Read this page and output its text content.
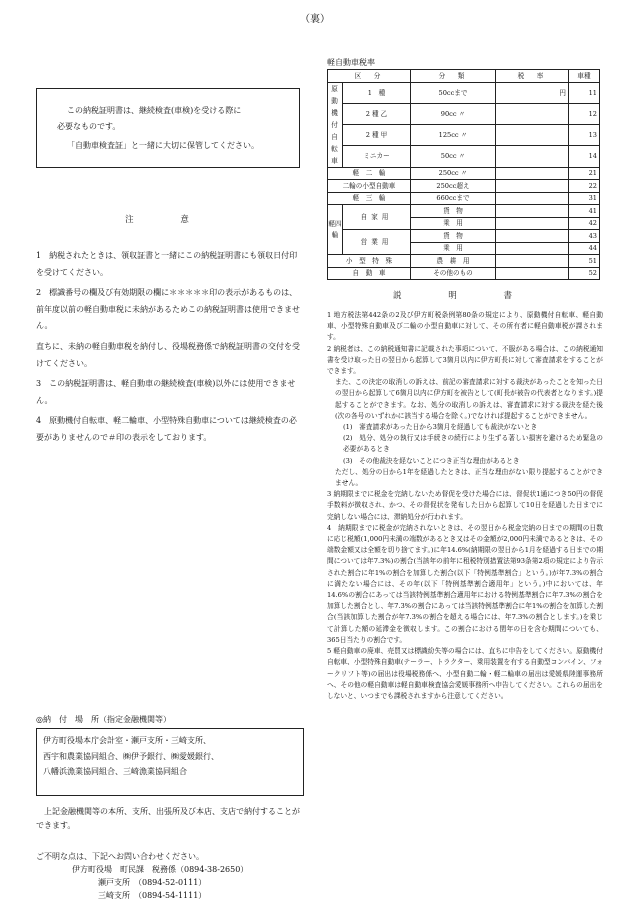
（裏）

この納税証明書は、継続検査(車検)を受ける際に

必要なものです。

「自動車検査証」と一緒に大切に保管してください。

注 意

1　納税されたときは、領収証書と一緒にこの納税証明書にも領収日付印を受けてください。

2　標識番号の欄及び有効期限の欄に＊＊＊＊＊印の表示があるものは、前年度以前の軽自動車税に未納があるためこの納税証明書は使用できません。

直ちに、未納の軽自動車税を納付し、役場税務係で納税証明書の交付を受けてください。

3　この納税証明書は、軽自動車の継続検査(車検)以外には使用できません。

4　原動機付自転車、軽二輪車、小型特殊自動車については継続検査の必要がありませんので＃印の表示をしております。

◎納　付　場　所（指定金融機関等）
伊方町役場本庁会計室・瀬戸支所・三崎支所、
西宇和農業協同組合、㈱伊予銀行、㈱愛媛銀行、
八幡浜漁業協同組合、三崎漁業協同組合
上記金融機関等の本所、支所、出張所及び本店、支店で納付することができます。
ご不明な点は、下記へお問い合わせください。
伊方町役場　町民課　税務係（0894-38-2650）
瀬戸支所　（0894-52-0111）
三崎支所　（0894-54-1111）
軽自動車税率
区　分		分　類	税　率	車種
原動機付自転車	1　種	50ccまで	円	11
	2 種 乙	90cc 〃		12
	2 種 甲	125cc 〃		13
	ミニカー	50cc 〃		14
軽　二　輪		250cc 〃		21
二輪の小型自動車		250cc超え		22
軽　三　輪		660ccまで		31
軽四輪	自家用	貨　物		41
		乗　用		42
	営業用	貨　物		43
		乗　用		44
小　型　特　殊		農　耕　用		51
自　動　車		その他のもの		52
説 明 書

1 地方税法第442条の2及び伊方町税条例第80条の規定により、原動機付自転車、軽自動車、小型特殊自動車及び二輪の小型自動車に対して、その所有者に軽自動車税が課されます。

2 納税者は、この納税通知書に記載された事項について、不服がある場合は、この納税通知書を受け取った日の翌日から起算して3箇月以内に伊方町長に対して審査請求をすることができます。

また、この決定の取消しの訴えは、前記の審査請求に対する裁決があったことを知った日の翌日から起算して6箇月以内に伊方町を被告として(町長が被告の代表者となります。)提起することができます。なお、処分の取消しの訴えは、審査請求に対する裁決を経た後(次の各号のいずれかに該当する場合を除く。)でなければ提起することができません。

(1)　審査請求があった日から3箇月を経過しても裁決がないとき

(2)　処分、処分の執行又は手続きの続行により生ずる著しい損害を避けるため緊急の必要があるとき

(3)　その他裁決を経ないことにつき正当な理由があるとき

ただし、処分の日から1年を経過したときは、正当な理由がない限り提起することができません。

3 納期限までに税金を完納しないため督促を受けた場合には、督促状1通につき50円の督促手数料が徴収され、かつ、その督促状を発布した日から起算して10日を経過した日までに完納しない場合には、滞納処分が行われます。

4　納期限までに税金が完納されないときは、その翌日から税金完納の日までの期間の日数に応じ税額(1,000円未満の端数があるとき又はその金額が2,000円未満であるときは、その端数金額又は全額を切り捨てます。)に年14.6%(納期限の翌日から1月を経過する日までの期間については年7.3%)の割合(当該年の前年に租税特別措置法第93条第2項の規定により告示された割合に年1%の割合を加算した割合(以下「特例基準割合」という。)が年7.3%の割合に満たない場合には、その年(以下「特例基準割合適用年」という。)中においては、年14.6%の割合にあっては当該特例基準割合適用年における特例基準割合に年7.3%の割合を加算した割合とし、年7.3%の割合にあっては当該特例基準割合に年1%の割合を加算した割合(当該加算した割合が年7.3%の割合を超える場合には、年7.3%の割合とします。)を乗じて計算した額の延滞金を徴収します。この割合における閏年の日を含む期間についても、365日当たりの割合です。

5 軽自動車の廃車、売買又は標識紛失等の場合には、直ちに申告をしてください。原動機付自転車、小型特殊自動車(テーラー、トラクター、乗用装置を有する自動型コンバイン、フォークリフト等)の届出は役場税務係へ、小型自動二輪・軽二輪車の届出は愛媛県陸運事務所へ、その他の軽自動車は軽自動車検査協会愛媛事務所へ申告してください。これらの届出をしないと、いつまでも課税されますから注意してください。
